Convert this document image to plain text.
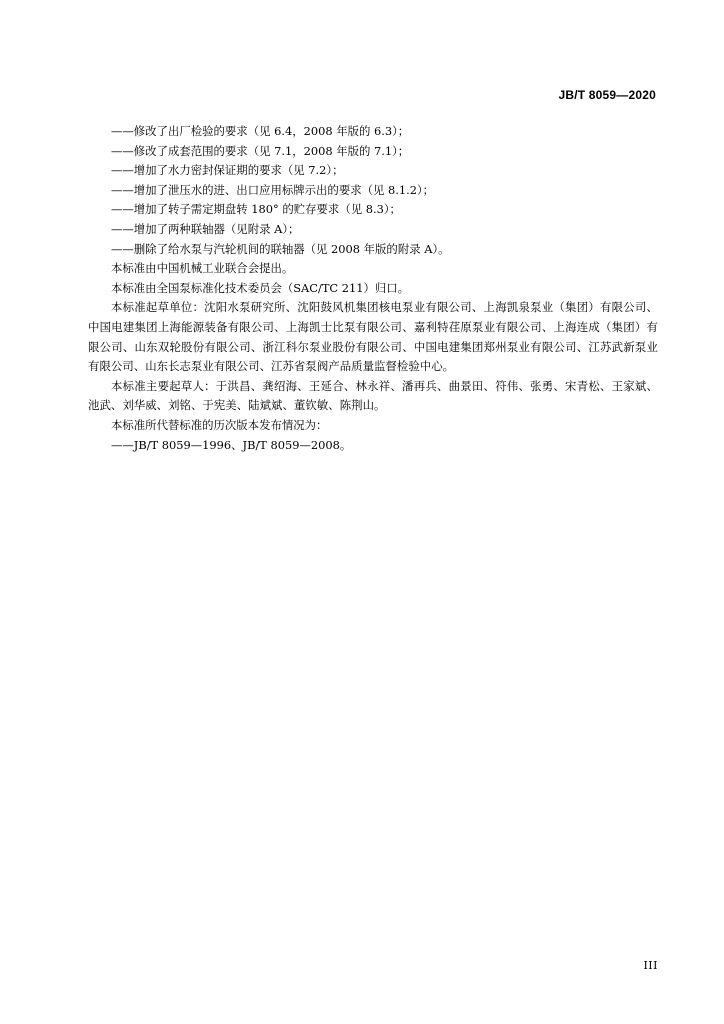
JB/T 8059—2020
——修改了出厂检验的要求（见 6.4，2008 年版的 6.3）；
——修改了成套范围的要求（见 7.1，2008 年版的 7.1）；
——增加了水力密封保证期的要求（见 7.2）；
——增加了泄压水的进、出口应用标牌示出的要求（见 8.1.2）；
——增加了转子需定期盘转 180° 的贮存要求（见 8.3）；
——增加了两种联轴器（见附录 A）；
——删除了给水泵与汽轮机间的联轴器（见 2008 年版的附录 A）。
本标准由中国机械工业联合会提出。
本标准由全国泵标准化技术委员会（SAC/TC 211）归口。
本标准起草单位：沈阳水泵研究所、沈阳鼓风机集团核电泵业有限公司、上海凯泉泵业（集团）有限公司、中国电建集团上海能源装备有限公司、上海凯士比泵有限公司、嘉利特荏原泵业有限公司、上海连成（集团）有限公司、山东双轮股份有限公司、浙江科尔泵业股份有限公司、中国电建集团郑州泵业有限公司、江苏武新泵业有限公司、山东长志泵业有限公司、江苏省泵阀产品质量监督检验中心。
本标准主要起草人：于洪昌、龚绍海、王延合、林永祥、潘再兵、曲景田、符伟、张勇、宋青松、王家斌、池武、刘华威、刘铭、于宪美、陆斌斌、董钦敏、陈荆山。
本标准所代替标准的历次版本发布情况为：
——JB/T 8059—1996、JB/T 8059—2008。
III
